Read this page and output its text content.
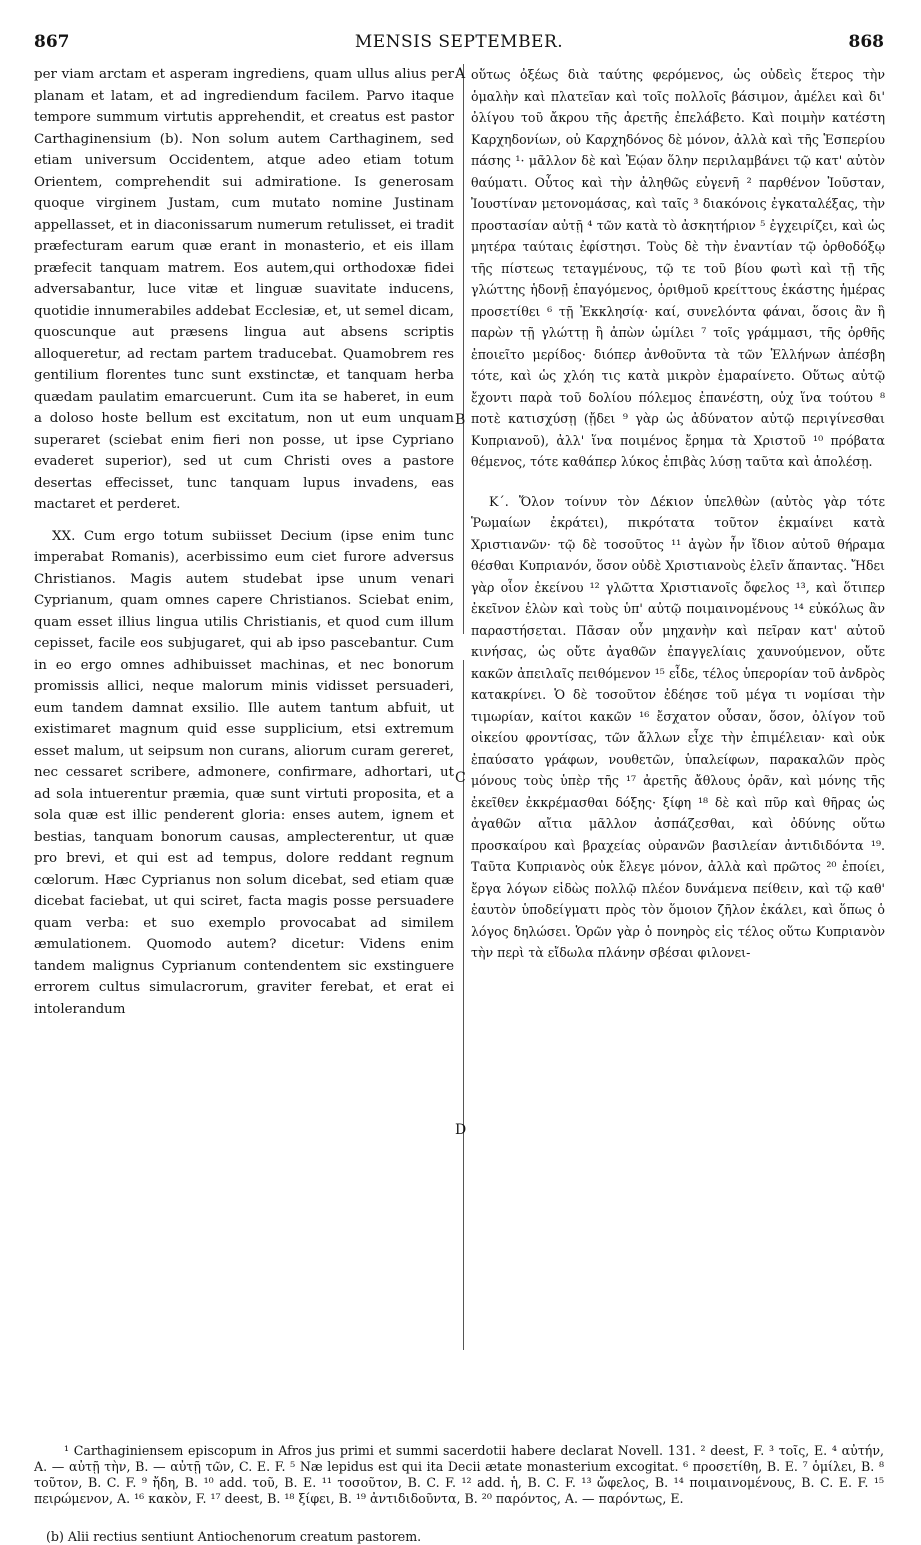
867	MENSIS SEPTEMBER.	868

per viam arctam et asperam ingrediens, quam ullus alius per planam et latam, et ad ingrediendum facilem. Parvo itaque tempore summum virtutis apprehendit, et creatus est pastor Carthaginensium (b). Non solum autem Carthaginem, sed etiam universum Occidentem, atque adeo etiam totum Orientem, comprehendit sui admiratione. Is generosam quoque virginem Justam, cum mutato nomine Justinam appellasset, et in diaconissarum numerum retulisset, ei tradit præfecturam earum quæ erant in monasterio, et eis illam præfecit tanquam matrem. Eos autem,qui orthodoxæ fidei adversabantur, luce vitæ et linguæ suavitate inducens, quotidie innumerabiles addebat Ecclesiæ, et, ut semel dicam, quoscunque aut præsens lingua aut absens scriptis alloqueretur, ad rectam partem traducebat. Quamobrem res gentilium florentes tunc sunt exstinctæ, et tanquam herba quædam paulatim emarcuerunt. Cum ita se haberet, in eum a doloso hoste bellum est excitatum, non ut eum unquam superaret (sciebat enim fieri non posse, ut ipse Cypriano evaderet superior), sed ut cum Christi oves a pastore desertas effecisset, tunc tanquam lupus invadens, eas mactaret et perderet.

XX. Cum ergo totum subiisset Decium (ipse enim tunc imperabat Romanis), acerbissimo eum ciet furore adversus Christianos. Magis autem studebat ipse unum venari Cyprianum, quam omnes capere Christianos. Sciebat enim, quam esset illius lingua utilis Christianis, et quod cum illum cepisset, facile eos subjugaret, qui ab ipso pascebantur. Cum in eo ergo omnes adhibuisset machinas, et nec bonorum promissis allici, neque malorum minis vidisset persuaderi, eum tandem damnat exsilio. Ille autem tantum abfuit, ut existimaret magnum quid esse supplicium, etsi extremum esset malum, ut seipsum non curans, aliorum curam gereret, nec cessaret scribere, admonere, confirmare, adhortari, ut ad sola intuerentur præmia, quæ sunt virtuti proposita, et a sola quæ est illic penderent gloria: enses autem, ignem et bestias, tanquam bonorum causas, amplecterentur, ut quæ pro brevi, et qui est ad tempus, dolore reddant regnum cœlorum. Hæc Cyprianus non solum dicebat, sed etiam quæ dicebat faciebat, ut qui sciret, facta magis posse persuadere quam verba: et suo exemplo provocabat ad similem æmulationem. Quomodo autem? dicetur: Videns enim tandem malignus Cyprianum contendentem sic exstinguere errorem cultus simulacrorum, graviter ferebat, et erat ei intolerandum

A
B
C
D

οὕτως ὀξέως διὰ ταύτης φερόμενος, ὡς οὐδεὶς ἕτερος τὴν ὁμαλὴν καὶ πλατεῖαν καὶ τοῖς πολλοῖς βάσιμον, ἀμέλει καὶ δι' ὀλίγου τοῦ ἄκρου τῆς ἀρετῆς ἐπελάβετο. Καὶ ποιμὴν κατέστη Καρχηδονίων, οὐ Καρχηδόνος δὲ μόνον, ἀλλὰ καὶ τῆς Ἑσπερίου πάσης ¹· μᾶλλον δὲ καὶ Ἑῴαν ὅλην περιλαμβάνει τῷ κατ' αὐτὸν θαύματι. Οὗτος καὶ τὴν ἀληθῶς εὐγενῆ ² παρθένον Ἰοῦσταν, Ἰουστίναν μετονομάσας, καὶ ταῖς ³ διακόνοις ἐγκαταλέξας, τὴν προστασίαν αὐτῇ ⁴ τῶν κατὰ τὸ ἀσκητήριον ⁵ ἐγχειρίζει, καὶ ὡς μητέρα ταύταις ἐφίστησι. Τοὺς δὲ τὴν ἐναντίαν τῷ ὀρθοδόξῳ τῆς πίστεως τεταγμένους, τῷ τε τοῦ βίου φωτὶ καὶ τῇ τῆς γλώττης ἡδονῇ ἐπαγόμενος, ὁριθμοῦ κρείττους ἑκάστης ἡμέρας προσετίθει ⁶ τῇ Ἐκκλησίᾳ· καί, συνελόντα φάναι, ὅσοις ἂν ἢ παρὼν τῇ γλώττῃ ἢ ἀπὼν ὡμίλει ⁷ τοῖς γράμμασι, τῆς ὀρθῆς ἐποιεῖτο μερίδος· διόπερ ἀνθοῦντα τὰ τῶν Ἑλλήνων ἀπέσβη τότε, καὶ ὡς χλόη τις κατὰ μικρὸν ἐμαραίνετο. Οὕτως αὐτῷ ἔχοντι παρὰ τοῦ δολίου πόλεμος ἐπανέστη, οὐχ ἵνα τούτου ⁸ ποτὲ κατισχύσῃ (ᾔδει ⁹ γὰρ ὡς ἀδύνατον αὐτῷ περιγίνεσθαι Κυπριανοῦ), ἀλλ' ἵνα ποιμένος ἔρημα τὰ Χριστοῦ ¹⁰ πρόβατα θέμενος, τότε καθάπερ λύκος ἐπιβὰς λύσῃ ταῦτα καὶ ἀπολέσῃ.

Κ΄. Ὅλον τοίνυν τὸν Δέκιον ὑπελθὼν (αὐτὸς γὰρ τότε Ῥωμαίων ἐκράτει), πικρότατα τοῦτον ἐκμαίνει κατὰ Χριστιανῶν· τῷ δὲ τοσοῦτος ¹¹ ἀγὼν ἦν ἴδιον αὐτοῦ θήραμα θέσθαι Κυπριανόν, ὅσον οὐδὲ Χριστιανοὺς ἑλεῖν ἅπαντας. Ἤδει γὰρ οἷον ἐκείνου ¹² γλῶττα Χριστιανοῖς ὄφελος ¹³, καὶ ὅτιπερ ἐκεῖνον ἑλὼν καὶ τοὺς ὑπ' αὐτῷ ποιμαινομένους ¹⁴ εὐκόλως ἂν παραστήσεται. Πᾶσαν οὖν μηχανὴν καὶ πεῖραν κατ' αὐτοῦ κινήσας, ὡς οὔτε ἀγαθῶν ἐπαγγελίαις χαυνούμενον, οὔτε κακῶν ἀπειλαῖς πειθόμενον ¹⁵ εἶδε, τέλος ὑπερορίαν τοῦ ἀνδρὸς κατακρίνει. Ὁ δὲ τοσοῦτον ἐδέησε τοῦ μέγα τι νομίσαι τὴν τιμωρίαν, καίτοι κακῶν ¹⁶ ἔσχατον οὖσαν, ὅσον, ὀλίγον τοῦ οἰκείου φροντίσας, τῶν ἄλλων εἶχε τὴν ἐπιμέλειαν· καὶ οὐκ ἐπαύσατο γράφων, νουθετῶν, ὑπαλείφων, παρακαλῶν πρὸς μόνους τοὺς ὑπὲρ τῆς ¹⁷ ἀρετῆς ἄθλους ὁρᾶν, καὶ μόνης τῆς ἐκεῖθεν ἐκκρέμασθαι δόξης· ξίφη ¹⁸ δὲ καὶ πῦρ καὶ θῆρας ὡς ἀγαθῶν αἴτια μᾶλλον ἀσπάζεσθαι, καὶ ὀδύνης οὕτω προσκαίρου καὶ βραχείας οὐρανῶν βασιλείαν ἀντιδιδόντα ¹⁹. Ταῦτα Κυπριανὸς οὐκ ἔλεγε μόνον, ἀλλὰ καὶ πρῶτος ²⁰ ἐποίει, ἔργα λόγων εἰδὼς πολλῷ πλέον δυνάμενα πείθειν, καὶ τῷ καθ' ἑαυτὸν ὑποδείγματι πρὸς τὸν ὅμοιον ζῆλον ἐκάλει, καὶ ὅπως ὁ λόγος δηλώσει. Ὁρῶν γὰρ ὁ πονηρὸς εἰς τέλος οὕτω Κυπριανὸν τὴν περὶ τὰ εἴδωλα πλάνην σβέσαι φιλονει-

¹ Carthaginiensem episcopum in Afros jus primi et summi sacerdotii habere declarat Novell. 131. ² deest, F. ³ τοῖς, E. ⁴ αὐτήν, A. — αὐτῇ τὴν, B. — αὐτῇ τῶν, C. E. F. ⁵ Næ lepidus est qui ita Decii ætate monasterium excogitat. ⁶ προσετίθη, B. E. ⁷ ὁμίλει, B. ⁸ τοῦτον, B. C. F. ⁹ ἤδη, B. ¹⁰ add. τοῦ, B. E. ¹¹ τοσοῦτον, B. C. F. ¹² add. ἡ, B. C. F. ¹³ ὤφελος, B. ¹⁴ ποιμαινομένους, B. C. E. F. ¹⁵ πειρώμενον, A. ¹⁶ κακὸν, F. ¹⁷ deest, B. ¹⁸ ξίφει, B. ¹⁹ ἀντιδιδοῦντα, B. ²⁰ παρόντος, A. — παρόντως, E.

(b) Alii rectius sentiunt Antiochenorum creatum pastorem.
